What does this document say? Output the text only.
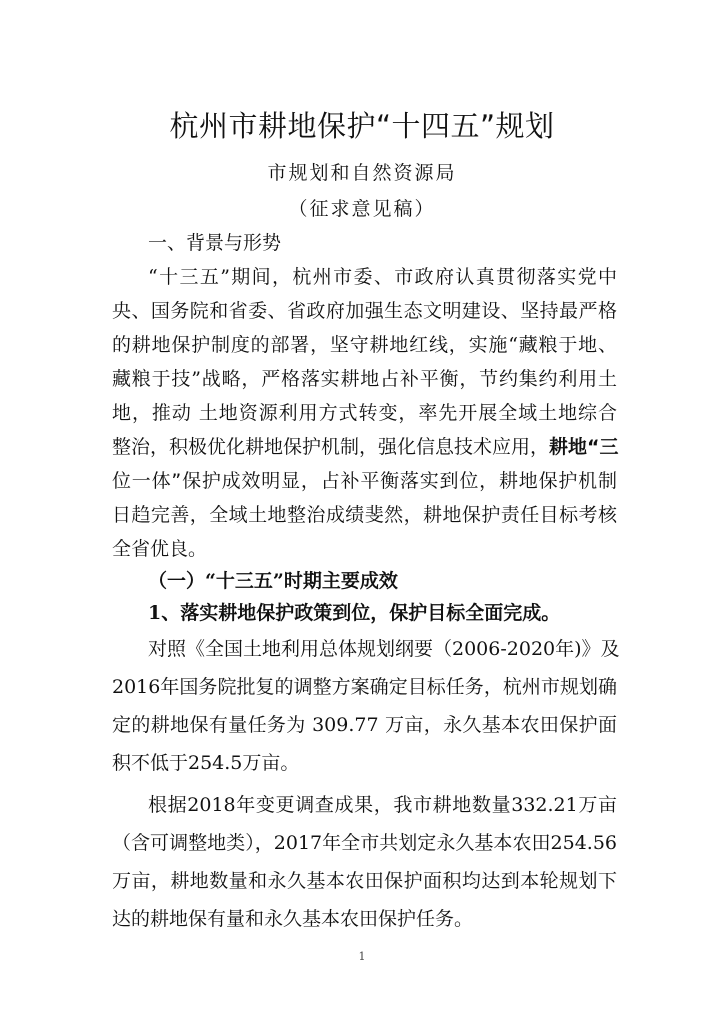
杭州市耕地保护“十四五”规划
市规划和自然资源局
（征求意见稿）
一、背景与形势
“十三五”期间，杭州市委、市政府认真贯彻落实党中
央、国务院和省委、省政府加强生态文明建设、坚持最严格
的耕地保护制度的部署，坚守耕地红线，实施“藏粮于地、
藏粮于技”战略，严格落实耕地占补平衡，节约集约利用土
地，推动 土地资源利用方式转变，率先开展全域土地综合
整治，积极优化耕地保护机制，强化信息技术应用， 耕地“三
位一体”保护成效明显，占补平衡落实到位，耕地保护机制
日趋完善，全域土地整治成绩斐然，耕地保护责任目标考核
全省优良。
（一）“十三五”时期主要成效
1、落实耕地保护政策到位，保护目标全面完成。
对照《全国土地利用总体规划纲要（2006-2020年)》及
2016年国务院批复的调整方案确定目标任务，杭州市规划确
定的耕地保有量任务为 309.77 万亩，永久基本农田保护面
积不低于254.5万亩。
根据2018年变更调查成果，我市耕地数量332.21万亩
（含可调整地类），2017年全市共划定永久基本农田254.56
万亩，耕地数量和永久基本农田保护面积均达到本轮规划下
达的耕地保有量和永久基本农田保护任务。
1
